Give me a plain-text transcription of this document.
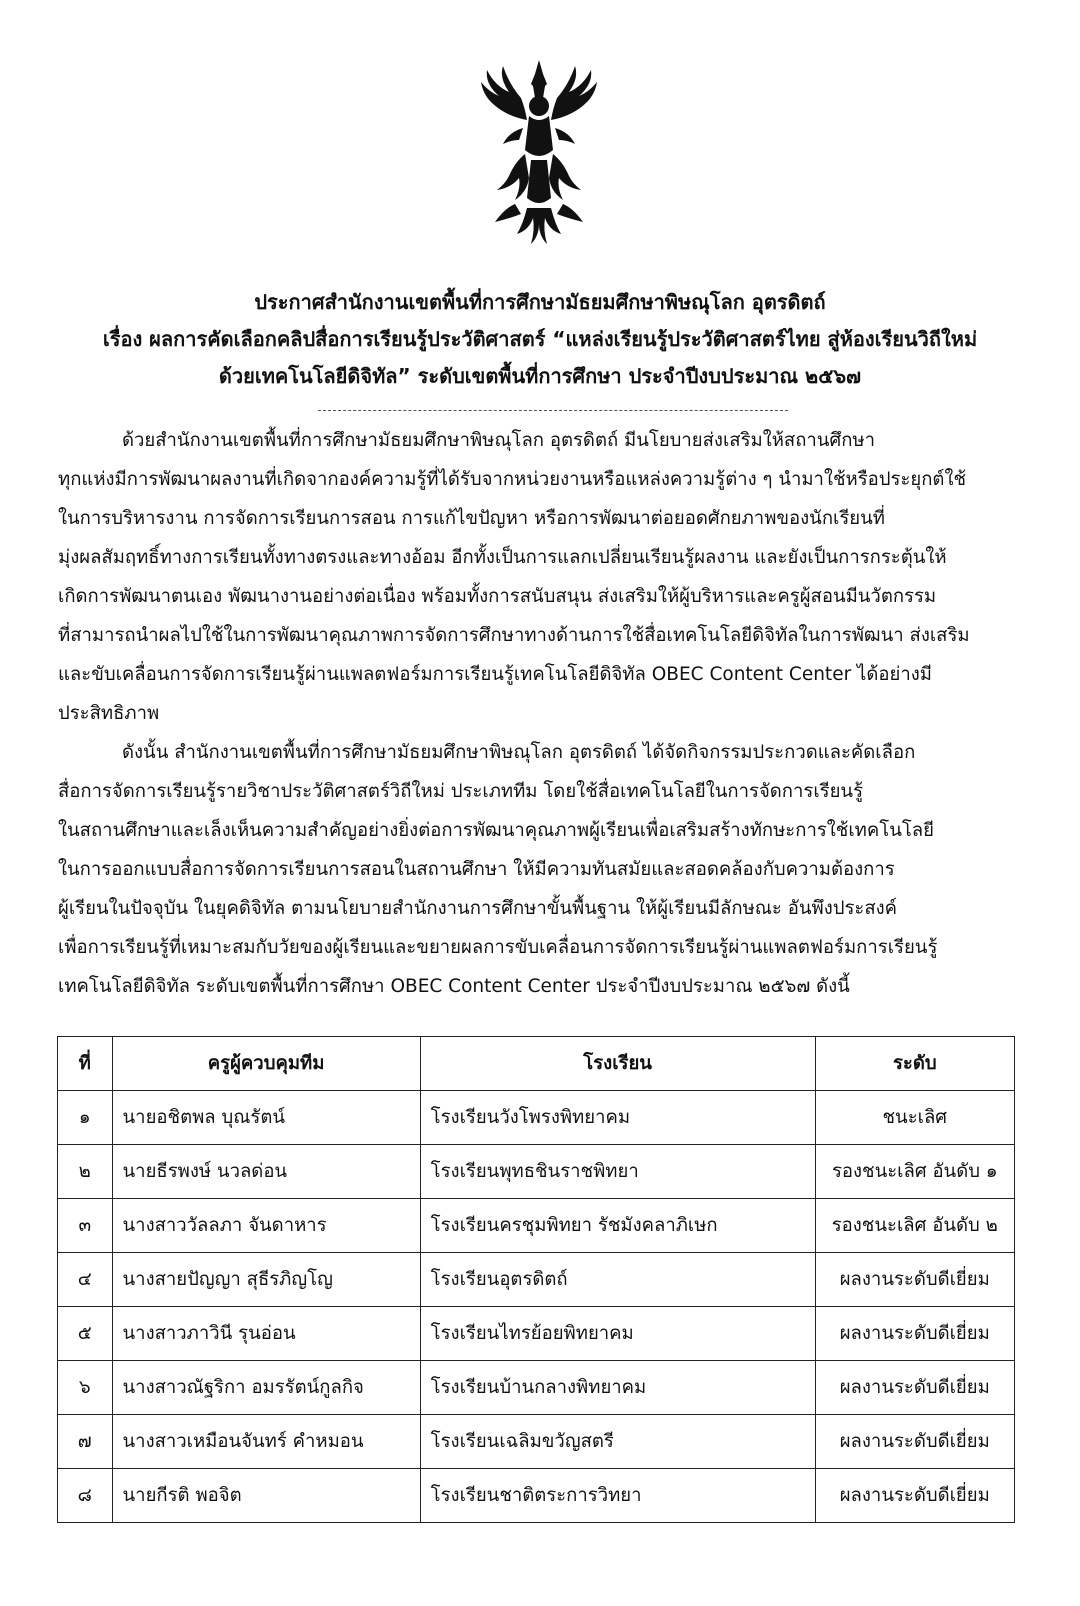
ประกาศสำนักงานเขตพื้นที่การศึกษามัธยมศึกษาพิษณุโลก อุตรดิตถ์
เรื่อง ผลการคัดเลือกคลิปสื่อการเรียนรู้ประวัติศาสตร์ “แหล่งเรียนรู้ประวัติศาสตร์ไทย สู่ห้องเรียนวิถีใหม่
ด้วยเทคโนโลยีดิจิทัล” ระดับเขตพื้นที่การศึกษา ประจำปีงบประมาณ ๒๕๖๗
ด้วยสำนักงานเขตพื้นที่การศึกษามัธยมศึกษาพิษณุโลก อุตรดิตถ์ มีนโยบายส่งเสริมให้สถานศึกษา
ทุกแห่งมีการพัฒนาผลงานที่เกิดจากองค์ความรู้ที่ได้รับจากหน่วยงานหรือแหล่งความรู้ต่าง ๆ นำมาใช้หรือประยุกต์ใช้
ในการบริหารงาน การจัดการเรียนการสอน การแก้ไขปัญหา หรือการพัฒนาต่อยอดศักยภาพของนักเรียนที่
มุ่งผลสัมฤทธิ์ทางการเรียนทั้งทางตรงและทางอ้อม อีกทั้งเป็นการแลกเปลี่ยนเรียนรู้ผลงาน และยังเป็นการกระตุ้นให้
เกิดการพัฒนาตนเอง พัฒนางานอย่างต่อเนื่อง พร้อมทั้งการสนับสนุน ส่งเสริมให้ผู้บริหารและครูผู้สอนมีนวัตกรรม
ที่สามารถนำผลไปใช้ในการพัฒนาคุณภาพการจัดการศึกษาทางด้านการใช้สื่อเทคโนโลยีดิจิทัลในการพัฒนา ส่งเสริม
และขับเคลื่อนการจัดการเรียนรู้ผ่านแพลตฟอร์มการเรียนรู้เทคโนโลยีดิจิทัล OBEC Content Center ได้อย่างมี
ประสิทธิภาพ
ดังนั้น สำนักงานเขตพื้นที่การศึกษามัธยมศึกษาพิษณุโลก อุตรดิตถ์ ได้จัดกิจกรรมประกวดและคัดเลือก
สื่อการจัดการเรียนรู้รายวิชาประวัติศาสตร์วิถีใหม่ ประเภททีม โดยใช้สื่อเทคโนโลยีในการจัดการเรียนรู้
ในสถานศึกษาและเล็งเห็นความสำคัญอย่างยิ่งต่อการพัฒนาคุณภาพผู้เรียนเพื่อเสริมสร้างทักษะการใช้เทคโนโลยี
ในการออกแบบสื่อการจัดการเรียนการสอนในสถานศึกษา ให้มีความทันสมัยและสอดคล้องกับความต้องการ
ผู้เรียนในปัจจุบัน ในยุคดิจิทัล ตามนโยบายสำนักงานการศึกษาขั้นพื้นฐาน ให้ผู้เรียนมีลักษณะ อันพึงประสงค์
เพื่อการเรียนรู้ที่เหมาะสมกับวัยของผู้เรียนและขยายผลการขับเคลื่อนการจัดการเรียนรู้ผ่านแพลตฟอร์มการเรียนรู้
เทคโนโลยีดิจิทัล ระดับเขตพื้นที่การศึกษา OBEC Content Center ประจำปีงบประมาณ ๒๕๖๗ ดังนี้
ที่	ครูผู้ควบคุมทีม	โรงเรียน	ระดับ
๑	นายอชิตพล บุณรัตน์	โรงเรียนวังโพรงพิทยาคม	ชนะเลิศ
๒	นายธีรพงษ์ นวลด่อน	โรงเรียนพุทธชินราชพิทยา	รองชนะเลิศ อันดับ ๑
๓	นางสาววัลลภา จันดาหาร	โรงเรียนครชุมพิทยา รัชมังคลาภิเษก	รองชนะเลิศ อันดับ ๒
๔	นางสายปัญญา สุธีรภิญโญ	โรงเรียนอุตรดิตถ์	ผลงานระดับดีเยี่ยม
๕	นางสาวภาวินี รุนอ่อน	โรงเรียนไทรย้อยพิทยาคม	ผลงานระดับดีเยี่ยม
๖	นางสาวณัฐริกา อมรรัตน์กูลกิจ	โรงเรียนบ้านกลางพิทยาคม	ผลงานระดับดีเยี่ยม
๗	นางสาวเหมือนจันทร์ คำหมอน	โรงเรียนเฉลิมขวัญสตรี	ผลงานระดับดีเยี่ยม
๘	นายกีรติ พอจิต	โรงเรียนชาติตระการวิทยา	ผลงานระดับดีเยี่ยม
